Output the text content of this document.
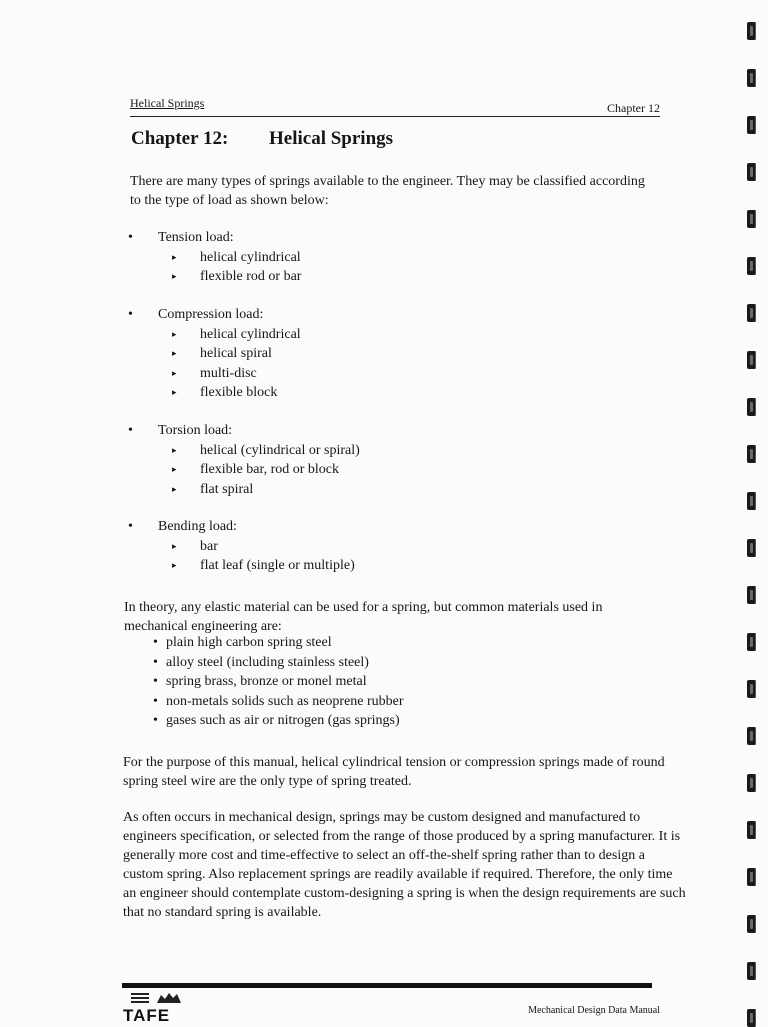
Helical Springs	Chapter 12
Chapter 12: Helical Springs
There are many types of springs available to the engineer. They may be classified according to the type of load as shown below:
• Tension load:
▸ helical cylindrical
▸ flexible rod or bar
• Compression load:
▸ helical cylindrical
▸ helical spiral
▸ multi-disc
▸ flexible block
• Torsion load:
▸ helical (cylindrical or spiral)
▸ flexible bar, rod or block
▸ flat spiral
• Bending load:
▸ bar
▸ flat leaf (single or multiple)
In theory, any elastic material can be used for a spring, but common materials used in mechanical engineering are:
• plain high carbon spring steel
• alloy steel (including stainless steel)
• spring brass, bronze or monel metal
• non-metals solids such as neoprene rubber
• gases such as air or nitrogen (gas springs)
For the purpose of this manual, helical cylindrical tension or compression springs made of round spring steel wire are the only type of spring treated.
As often occurs in mechanical design, springs may be custom designed and manufactured to engineers specification, or selected from the range of those produced by a spring manufacturer. It is generally more cost and time-effective to select an off-the-shelf spring rather than to design a custom spring. Also replacement springs are readily available if required. Therefore, the only time an engineer should contemplate custom-designing a spring is when the design requirements are such that no standard spring is available.
TAFE	Mechanical Design Data Manual
